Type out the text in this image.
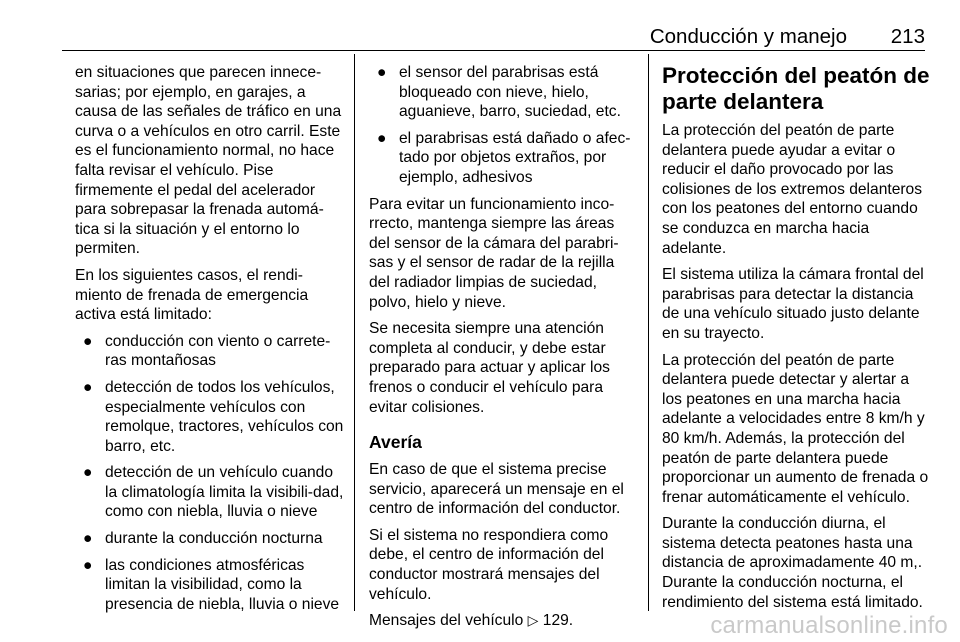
Conducción y manejo 213

en situaciones que parecen innece-sarias; por ejemplo, en garajes, a causa de las señales de tráfico en una curva o a vehículos en otro carril. Este es el funcionamiento normal, no hace falta revisar el vehículo. Pise firmemente el pedal del acelerador para sobrepasar la frenada automá-tica si la situación y el entorno lo permiten.

En los siguientes casos, el rendi-miento de frenada de emergencia activa está limitado:

● conducción con viento o carrete-ras montañosas
● detección de todos los vehículos, especialmente vehículos con remolque, tractores, vehículos con barro, etc.
● detección de un vehículo cuando la climatología limita la visibili-dad, como con niebla, lluvia o nieve
● durante la conducción nocturna
● las condiciones atmosféricas limitan la visibilidad, como la presencia de niebla, lluvia o nieve
● el sensor del parabrisas está bloqueado con nieve, hielo, aguanieve, barro, suciedad, etc.
● el parabrisas está dañado o afec-tado por objetos extraños, por ejemplo, adhesivos

Para evitar un funcionamiento inco-rrecto, mantenga siempre las áreas del sensor de la cámara del parabri-sas y el sensor de radar de la rejilla del radiador limpias de suciedad, polvo, hielo y nieve.

Se necesita siempre una atención completa al conducir, y debe estar preparado para actuar y aplicar los frenos o conducir el vehículo para evitar colisiones.

Avería

En caso de que el sistema precise servicio, aparecerá un mensaje en el centro de información del conductor.

Si el sistema no respondiera como debe, el centro de información del conductor mostrará mensajes del vehículo.

Mensajes del vehículo ▷ 129.

Protección del peatón de parte delantera

La protección del peatón de parte delantera puede ayudar a evitar o reducir el daño provocado por las colisiones de los extremos delanteros con los peatones del entorno cuando se conduzca en marcha hacia adelante.

El sistema utiliza la cámara frontal del parabrisas para detectar la distancia de una vehículo situado justo delante en su trayecto.

La protección del peatón de parte delantera puede detectar y alertar a los peatones en una marcha hacia adelante a velocidades entre 8 km/h y 80 km/h. Además, la protección del peatón de parte delantera puede proporcionar un aumento de frenada o frenar automáticamente el vehículo.

Durante la conducción diurna, el sistema detecta peatones hasta una distancia de aproximadamente 40 m,. Durante la conducción nocturna, el rendimiento del sistema está limitado.

carmanualsonline.info
